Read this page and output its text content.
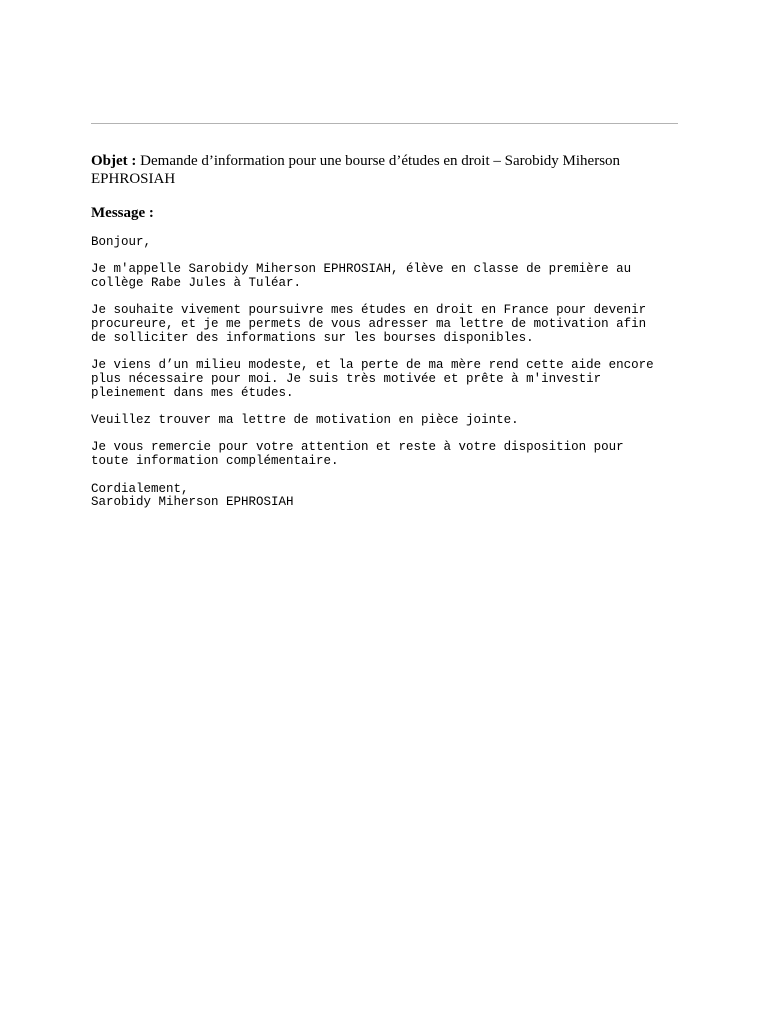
Objet : Demande d’information pour une bourse d’études en droit – Sarobidy Miherson EPHROSIAH

Message :

Bonjour,

Je m'appelle Sarobidy Miherson EPHROSIAH, élève en classe de première au
collège Rabe Jules à Tuléar.

Je souhaite vivement poursuivre mes études en droit en France pour devenir
procureure, et je me permets de vous adresser ma lettre de motivation afin
de solliciter des informations sur les bourses disponibles.

Je viens d’un milieu modeste, et la perte de ma mère rend cette aide encore
plus nécessaire pour moi. Je suis très motivée et prête à m'investir
pleinement dans mes études.

Veuillez trouver ma lettre de motivation en pièce jointe.

Je vous remercie pour votre attention et reste à votre disposition pour
toute information complémentaire.

Cordialement,
Sarobidy Miherson EPHROSIAH
